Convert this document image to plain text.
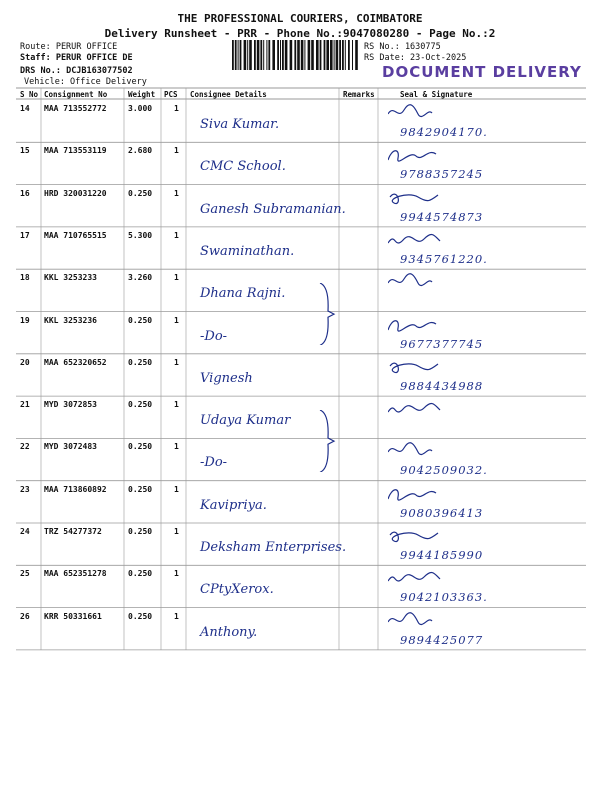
THE PROFESSIONAL COURIERS, COIMBATORE
Delivery Runsheet - PRR - Phone No.:9047080280 - Page No.:2
Route: PERUR OFFICE
Staff: PERUR OFFICE DE
DRS No.: DCJB163077502
Vehicle: Office Delivery
RS No.: 1630775
RS Date: 23-Oct-2025
DOCUMENT DELIVERY
S No Consignment No	Weight PCS Consignee Details	Remarks	Seal & Signature
14 MAA 713552772	3.000	1
Siva Kumar.	9842904170.
15 MAA 713553119	2.680	1
CMC School.	9788357245
16 HRD 320031220	0.250	1
Ganesh Subramanian.	9944574873
17 MAA 710765515	5.300	1
Swaminathan.	9345761220.
18 KKL 3253233	3.260	1
Dhana Rajni.
19 KKL 3253236	0.250	1
-Do-	9677377745
20 MAA 652320652	0.250	1
Vignesh	9884434988
21 MYD 3072853	0.250	1
Udaya Kumar
22 MYD 3072483	0.250	1
-Do-	9042509032.
23 MAA 713860892	0.250	1
Kavipriya.	9080396413
24 TRZ 54277372	0.250	1
Deksham Enterprises.	9944185990
25 MAA 652351278	0.250	1
CPtyXerox.	9042103363.
26 KRR 50331661	0.250	1
Anthony.	9894425077
